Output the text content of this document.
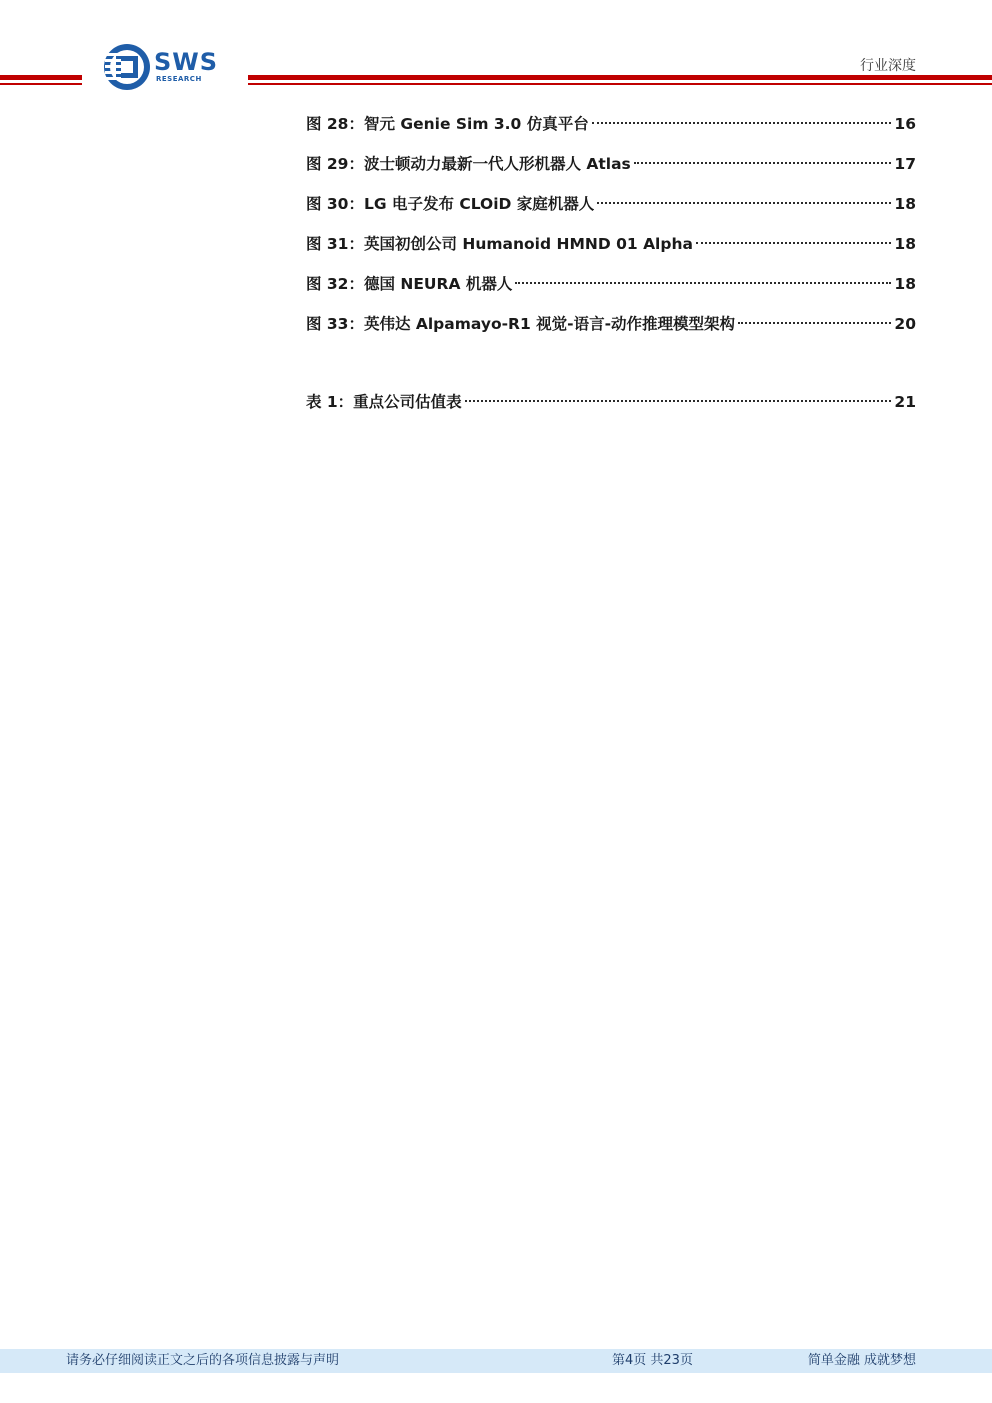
SWS
RESEARCH
行业深度
图 28：智元 Genie Sim 3.0 仿真平台	16
图 29：波士顿动力最新一代人形机器人 Atlas	17
图 30：LG 电子发布 CLOiD 家庭机器人	18
图 31：英国初创公司 Humanoid HMND 01 Alpha	18
图 32：德国 NEURA 机器人	18
图 33：英伟达 Alpamayo-R1 视觉-语言-动作推理模型架构	20
表 1：重点公司估值表	21
请务必仔细阅读正文之后的各项信息披露与声明	第4页 共23页	简单金融 成就梦想
